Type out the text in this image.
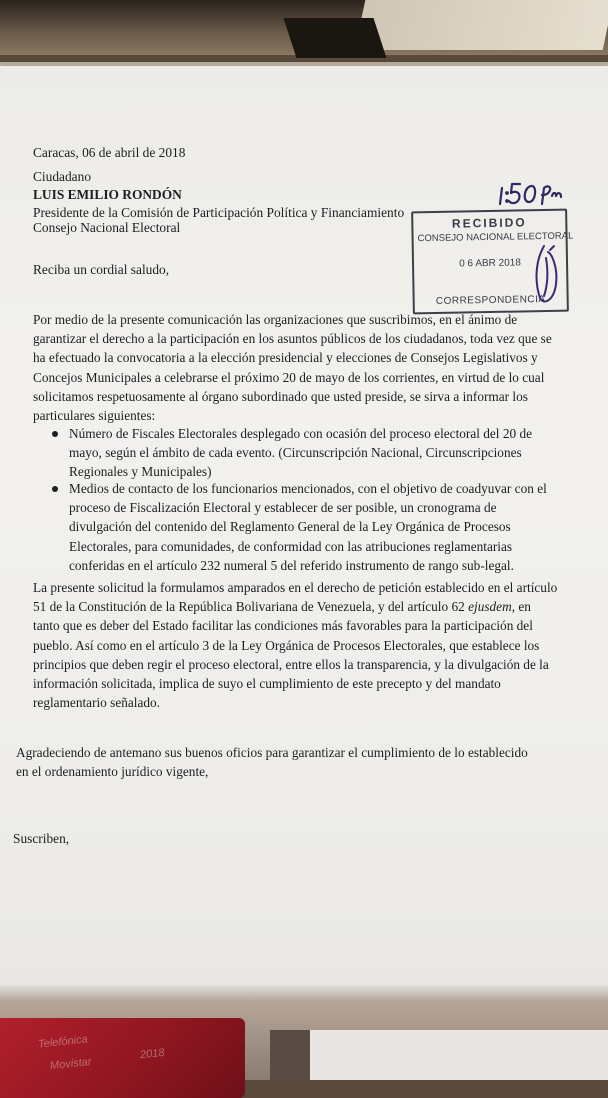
Caracas, 06 de abril de 2018
Ciudadano
LUIS EMILIO RONDÓN
Presidente de la Comisión de Participación Política y Financiamiento
Consejo Nacional Electoral
Reciba un cordial saludo,
RECIBIDO
CONSEJO NACIONAL ELECTORAL
0 6 ABR 2018
CORRESPONDENCIA
Por medio de la presente comunicación las organizaciones que suscribimos, en el ánimo de
garantizar el derecho a la participación en los asuntos públicos de los ciudadanos, toda vez que se
ha efectuado la convocatoria a la elección presidencial y elecciones de Consejos Legislativos y
Concejos Municipales a celebrarse el próximo 20 de mayo de los corrientes, en virtud de lo cual
solicitamos respetuosamente al órgano subordinado que usted preside, se sirva a informar los
particulares siguientes:
Número de Fiscales Electorales desplegado con ocasión del proceso electoral del 20 de
mayo, según el ámbito de cada evento. (Circunscripción Nacional, Circunscripciones
Regionales y Municipales)
Medios de contacto de los funcionarios mencionados, con el objetivo de coadyuvar con el
proceso de Fiscalización Electoral y establecer de ser posible, un cronograma de
divulgación del contenido del Reglamento General de la Ley Orgánica de Procesos
Electorales, para comunidades, de conformidad con las atribuciones reglamentarias
conferidas en el artículo 232 numeral 5 del referido instrumento de rango sub-legal.
La presente solicitud la formulamos amparados en el derecho de petición establecido en el artículo
51 de la Constitución de la República Bolivariana de Venezuela, y del artículo 62 ejusdem, en
tanto que es deber del Estado facilitar las condiciones más favorables para la participación del
pueblo. Así como en el artículo 3 de la Ley Orgánica de Procesos Electorales, que establece los
principios que deben regir el proceso electoral, entre ellos la transparencia, y la divulgación de la
información solicitada, implica de suyo el cumplimiento de este precepto y del mandato
reglamentario señalado.
Agradeciendo de antemano sus buenos oficios para garantizar el cumplimiento de lo establecido
en el ordenamiento jurídico vigente,
Suscriben,
Telefónica
Movistar
2018
